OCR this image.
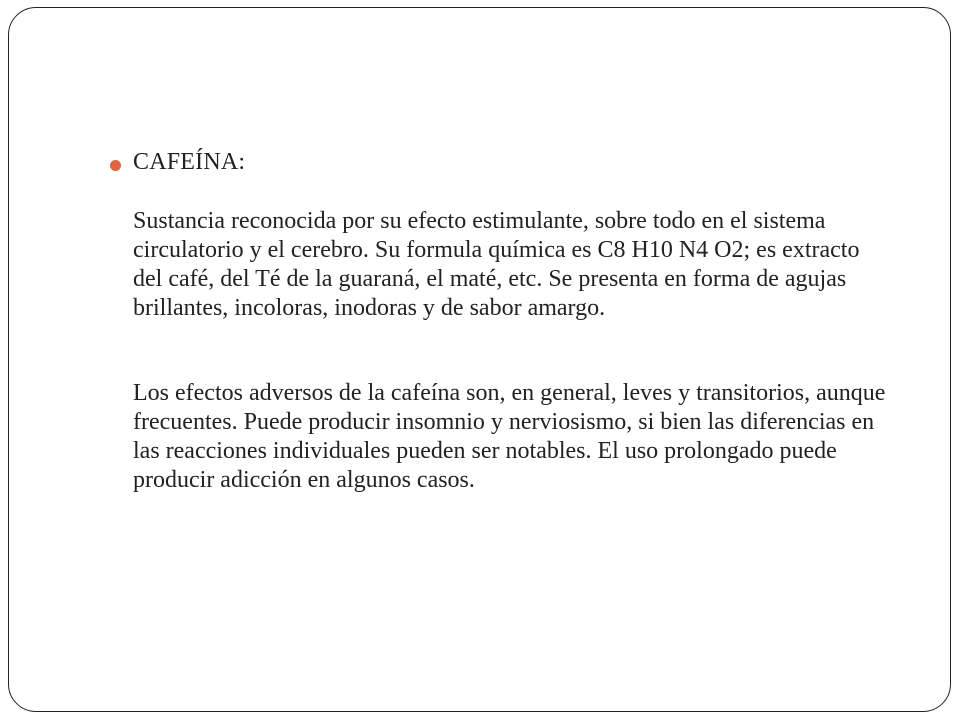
CAFEÍNA:

Sustancia reconocida por su efecto estimulante, sobre todo en el sistema circulatorio y el cerebro. Su formula química es C8 H10 N4 O2; es extracto del café, del Té de la guaraná, el maté, etc. Se presenta en forma de agujas brillantes, incoloras, inodoras y de sabor amargo.

Los efectos adversos de la cafeína son, en general, leves y transitorios, aunque frecuentes. Puede producir insomnio y nerviosismo, si bien las diferencias en las reacciones individuales pueden ser notables. El uso prolongado puede producir adicción en algunos casos.
